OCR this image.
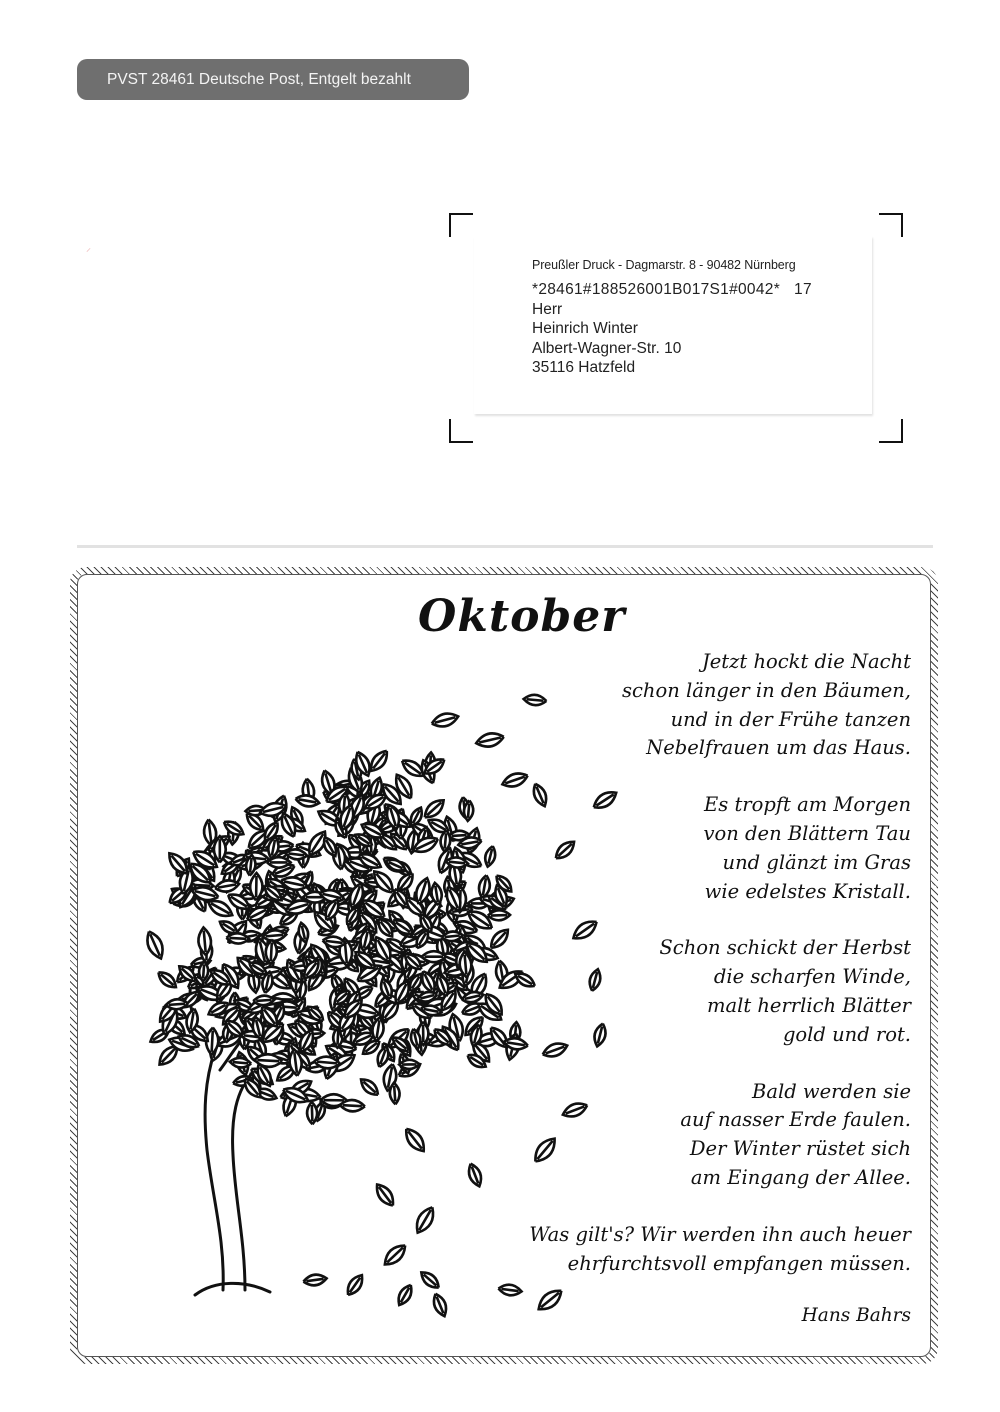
PVST 28461 Deutsche Post, Entgelt bezahlt
⸝
Preußler Druck - Dagmarstr. 8 - 90482 Nürnberg
*28461#188526001B017S1#0042* 17
Herr
Heinrich Winter
Albert-Wagner-Str. 10
35116 Hatzfeld
Oktober
Jetzt hockt die Nacht
schon länger in den Bäumen,
und in der Frühe tanzen
Nebelfrauen um das Haus.
Es tropft am Morgen
von den Blättern Tau
und glänzt im Gras
wie edelstes Kristall.
Schon schickt der Herbst
die scharfen Winde,
malt herrlich Blätter
gold und rot.
Bald werden sie
auf nasser Erde faulen.
Der Winter rüstet sich
am Eingang der Allee.
Was gilt's? Wir werden ihn auch heuer
ehrfurchtsvoll empfangen müssen.
Hans Bahrs
